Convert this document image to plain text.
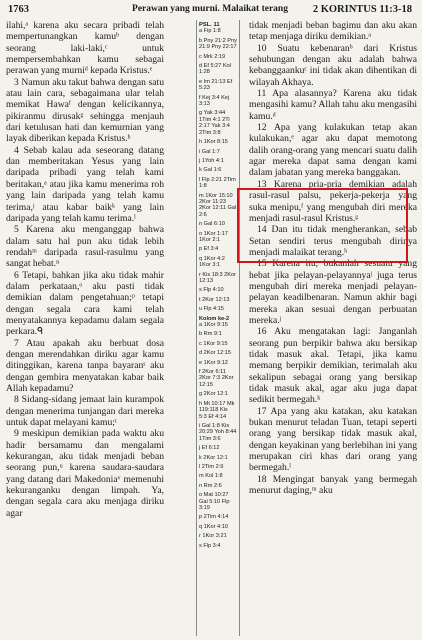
1763	Perawan yang murni. Malaikat terang	2 KORINTUS 11:3-18

ilahi,ᵃ karena aku secara pribadi telah mempertunangkan kamuᵇ dengan seorang laki-laki,ᶜ untuk mempersembahkan kamu sebagai perawan yang murniᵈ kepada Kristus.ᵉ

3 Namun aku takut bahwa dengan satu atau lain cara, sebagaimana ular telah memikat Hawaᶠ dengan kelicikannya, pikiranmu dirusakᵍ sehingga menjauh dari ketulusan hati dan kemurnian yang layak diberikan kepada Kristus.ʰ

4 Sebab kalau ada seseorang datang dan memberitakan Yesus yang lain daripada pribadi yang telah kami beritakan,ᵃ atau jika kamu menerima roh yang lain daripada yang telah kamu terima,ʲ atau kabar baikᵏ yang lain daripada yang telah kamu terima.ˡ

5 Karena aku menganggap bahwa dalam satu hal pun aku tidak lebih rendahᵐ daripada rasul-rasulmu yang sangat hebat.ⁿ

6 Tetapi, bahkan jika aku tidak mahir dalam perkataan,ᵒ aku pasti tidak demikian dalam pengetahuan;ᵖ tetapi dengan segala cara kami telah menyatakannya kepadamu dalam segala perkara.ᑫ

7 Atau apakah aku berbuat dosa dengan merendahkan diriku agar kamu ditinggikan, karena tanpa bayaranˢ aku dengan gembira menyatakan kabar baik Allah kepadamu?

8 Sidang-sidang jemaat lain kurampok dengan menerima tunjangan dari mereka untuk dapat melayani kamu;ᵗ

9 meskipun demikian pada waktu aku hadir bersamamu dan mengalami kekurangan, aku tidak menjadi beban seorang pun,ᵘ karena saudara-saudara yang datang dari Makedoniaᵛ memenuhi kekuranganku dengan limpah. Ya, dengan segala cara aku menjaga diriku agar

PSL. 11
a Fip 1:8
b Pny 21:2 Pny 21:9 Pny 22:17
c Mrk 2:19
d Ef 5:27 Kol 1:28
e Im 21:13 Ef 5:23
f Kej 3:4 Kej 3:13
g Yak 3:44 1Tim 4:1 2Ti 2:17 Yak 3:4 2Tim 3:8
h 1Kor 8:15
i Gal 1:7
j 1Yoh 4:1
k Gal 1:6
l Flp 2:21 2Tim 1:8
m 1Kor 15:10 2Kor 11:23 2Kor 12:11 Gal 2:6
n Gal 6:10
o 1Kor 1:17 1Kor 2:1
p Ef 3:4
q 1Kor 4:2 1Kor 3:1
r Kis 18:3 2Kor 12:13
s Flp 4:10
t 2Kor 12:13
u Flp 4:15
Kolom ke-2
a 1Kor 9:15
b Rm 9:1
c 1Kor 9:15
d 2Kor 12:15
e 1Kor 9:12
f 2Kor 6:11 2Kor 7:3 2Kor 12:15
g 2Kor 12:1
h Mt 10:17 Mk 119:118 Kis 5:3 Ef 4:14
i Gal 1:8 Kis 20:29 Yoh 8:44 1Tim 3:6
j Ef 6:12
k 2Kor 12:1
l 2Tim 2:9
m Kol 1:8
n Rm 2:6
o Mat 10:27 Gal 5:10 Flp 3:19
p 2Tim 4:14
q 1Kor 4:10
r 1Kor 3:21
s Flp 3:4

tidak menjadi beban bagimu dan aku akan tetap menjaga diriku demikian.ᵃ

10 Suatu kebenaranᵇ dari Kristus sehubungan dengan aku adalah bahwa kebanggaankuᶜ ini tidak akan dihentikan di wilayah Akhaya.

11 Apa alasannya? Karena aku tidak mengasihi kamu? Allah tahu aku mengasihi kamu.ᵈ

12 Apa yang kulakukan tetap akan kulakukan,ᵉ agar aku dapat memotong dalih orang-orang yang mencari suatu dalih agar mereka dapat sama dengan kami dalam jabatan yang mereka banggakan.

13 Karena pria-pria demikian adalah rasul-rasul palsu, pekerja-pekerja yang suka menipu,ᶠ yang mengubah diri mereka menjadi rasul-rasul Kristus.ᵍ

14 Dan itu tidak mengherankan, sebab Setan sendiri terus mengubah dirinya menjadi malaikat terang.ʰ

15 Karena itu, bukanlah sesuatu yang hebat jika pelayan-pelayannyaʲ juga terus mengubah diri mereka menjadi pelayan-pelayan keadilbenaran. Namun akhir bagi mereka akan sesuai dengan perbuatan mereka.ʲ

16 Aku mengatakan lagi: Janganlah seorang pun berpikir bahwa aku bersikap tidak masuk akal. Tetapi, jika kamu memang berpikir demikian, terimalah aku sekalipun sebagai orang yang bersikap tidak masuk akal, agar aku juga dapat sedikit bermegah.ᵏ

17 Apa yang aku katakan, aku katakan bukan menurut teladan Tuan, tetapi seperti orang yang bersikap tidak masuk akal, dengan keyakinan yang berlebihan ini yang merupakan ciri khas dari orang yang bermegah.ˡ

18 Mengingat banyak yang bermegah menurut daging,ᵐ aku
